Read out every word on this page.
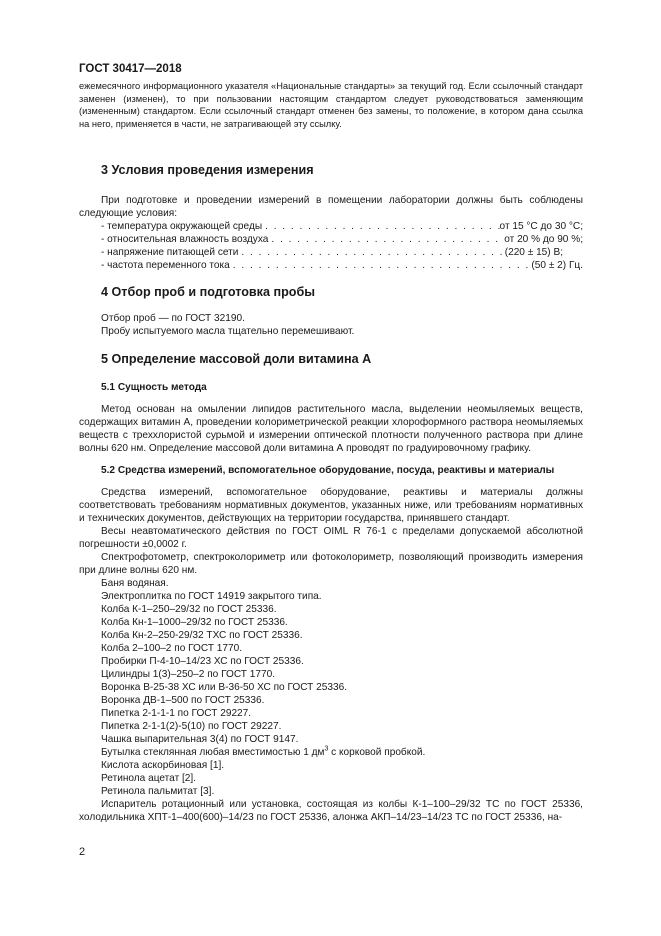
ГОСТ 30417—2018

ежемесячного информационного указателя «Национальные стандарты» за текущий год. Если ссылочный стандарт заменен (изменен), то при пользовании настоящим стандартом следует руководствоваться заменяющим (измененным) стандартом. Если ссылочный стандарт отменен без замены, то положение, в котором дана ссылка на него, применяется в части, не затрагивающей эту ссылку.

3 Условия проведения измерения

При подготовке и проведении измерений в помещении лаборатории должны быть соблюдены следующие условия:

- температура окружающей среды . . .	от 15 °С до 30 °С;
- относительная влажность воздуха . . .	от 20 % до 90 %;
- напряжение питающей сети . . .	(220 ± 15) В;
- частота переменного тока . . .	(50 ± 2) Гц.
4 Отбор проб и подготовка пробы

Отбор проб — по ГОСТ 32190.

Пробу испытуемого масла тщательно перемешивают.

5 Определение массовой доли витамина А
5.1 Сущность метода

Метод основан на омылении липидов растительного масла, выделении неомыляемых веществ, содержащих витамин А, проведении колориметрической реакции хлороформного раствора неомыляемых веществ с треххлористой сурьмой и измерении оптической плотности полученного раствора при длине волны 620 нм. Определение массовой доли витамина А проводят по градуировочному графику.

5.2 Средства измерений, вспомогательное оборудование, посуда, реактивы и материалы

Средства измерений, вспомогательное оборудование, реактивы и материалы должны соответствовать требованиям нормативных документов, указанных ниже, или требованиям нормативных и технических документов, действующих на территории государства, принявшего стандарт.

Весы неавтоматического действия по ГОСТ OIML R 76-1 с пределами допускаемой абсолютной погрешности ±0,0002 г.

Спектрофотометр, спектроколориметр или фотоколориметр, позволяющий производить измерения при длине волны 620 нм.

Баня водяная.

Электроплитка по ГОСТ 14919 закрытого типа.

Колба К-1–250–29/32 по ГОСТ 25336.

Колба Кн-1–1000–29/32 по ГОСТ 25336.

Колба Кн-2–250-29/32 ТХС по ГОСТ 25336.

Колба 2–100–2 по ГОСТ 1770.

Пробирки П-4-10–14/23 ХС по ГОСТ 25336.

Цилиндры 1(3)–250–2 по ГОСТ 1770.

Воронка В-25-38 ХС или В-36-50 ХС по ГОСТ 25336.

Воронка ДВ-1–500 по ГОСТ 25336.

Пипетка 2-1-1-1 по ГОСТ 29227.

Пипетка 2-1-1(2)-5(10) по ГОСТ 29227.

Чашка выпарительная 3(4) по ГОСТ 9147.

Бутылка стеклянная любая вместимостью 1 $дм^3$ с корковой пробкой.

Кислота аскорбиновая [1].

Ретинола ацетат [2].

Ретинола пальмитат [3].

Испаритель ротационный или установка, состоящая из колбы К-1–100–29/32 ТС по ГОСТ 25336, холодильника ХПТ-1–400(600)–14/23 по ГОСТ 25336, алонжа АКП–14/23–14/23 ТС по ГОСТ 25336, на-

2
